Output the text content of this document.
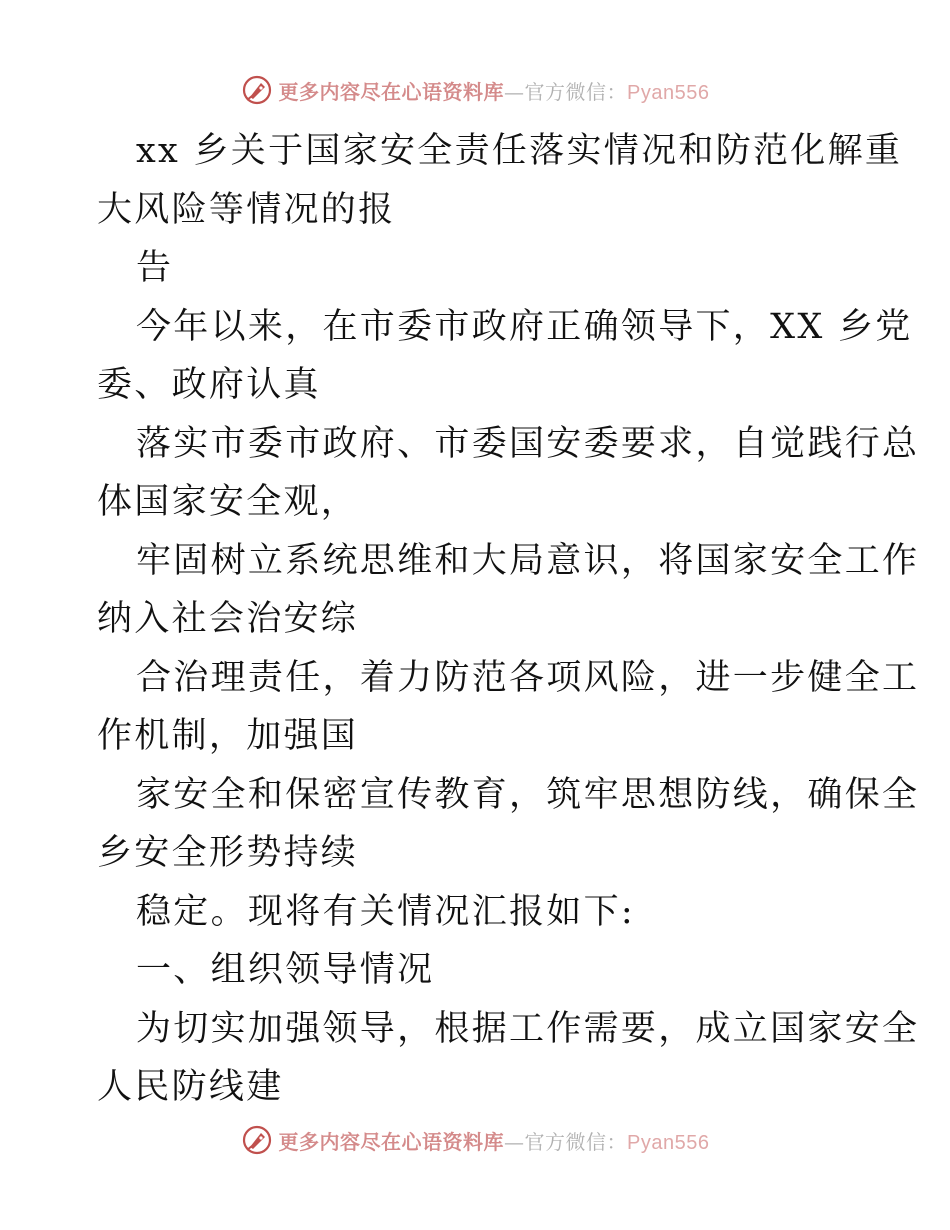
更多内容尽在心语资料库—官方微信：Pyan556
xx 乡关于国家安全责任落实情况和防范化解重
大风险等情况的报
告
今年以来，在市委市政府正确领导下，XX 乡党
委、政府认真
落实市委市政府、市委国安委要求，自觉践行总
体国家安全观，
牢固树立系统思维和大局意识，将国家安全工作
纳入社会治安综
合治理责任，着力防范各项风险，进一步健全工
作机制，加强国
家安全和保密宣传教育，筑牢思想防线，确保全
乡安全形势持续
稳定。现将有关情况汇报如下:
一、组织领导情况
为切实加强领导，根据工作需要，成立国家安全
人民防线建
更多内容尽在心语资料库—官方微信：Pyan556
